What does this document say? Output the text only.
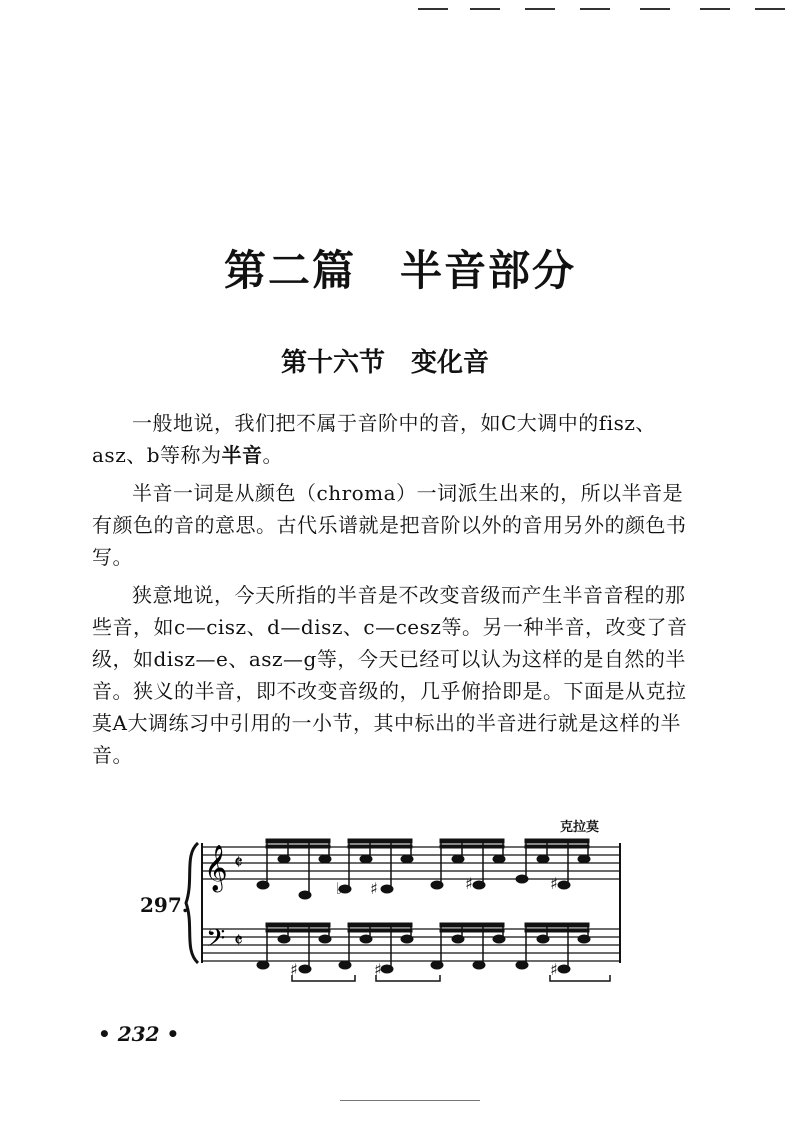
第二篇　半音部分
第十六节　变化音

一般地说，我们把不属于音阶中的音，如C大调中的fisz、asz、b等称为半音。

半音一词是从颜色（chroma）一词派生出来的，所以半音是有颜色的音的意思。古代乐谱就是把音阶以外的音用另外的颜色书写。

狭意地说，今天所指的半音是不改变音级而产生半音音程的那些音，如c—cisz、d—disz、c—cesz等。另一种半音，改变了音级，如disz—e、asz—g等，今天已经可以认为这样的是自然的半音。狭义的半音，即不改变音级的，几乎俯拾即是。下面是从克拉莫A大调练习中引用的一小节，其中标出的半音进行就是这样的半音。

克拉莫
297.
𝄞 𝄵
𝄢 𝄵
♭ ♯	♯	♯
♯	♯	♯
• 232 •
